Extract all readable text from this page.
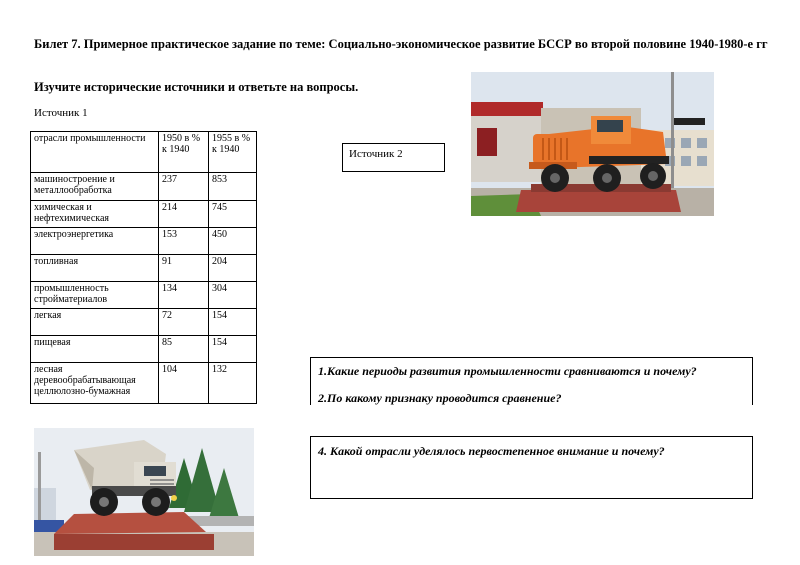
Билет 7. Примерное практическое задание по теме: Социально-экономическое развитие БССР во второй половине 1940-1980-е гг
Изучите исторические источники и ответьте на вопросы.
Источник 1
отрасли промышленности	1950 в % к 1940	1955 в % к 1940
машиностроение и металлообработка	237	853
химическая и нефтехимическая	214	745
электроэнергетика	153	450
топливная	91	204
промышленность стройматериалов	134	304
легкая	72	154
пищевая	85	154
лесная деревообрабатывающая целлюлозно-бумажная	104	132
Источник 2
1.Какие периоды развития промышленности сравниваются и почему?
2.По какому признаку проводится сравнение?
4. Какой отрасли уделялось первостепенное внимание и почему?
